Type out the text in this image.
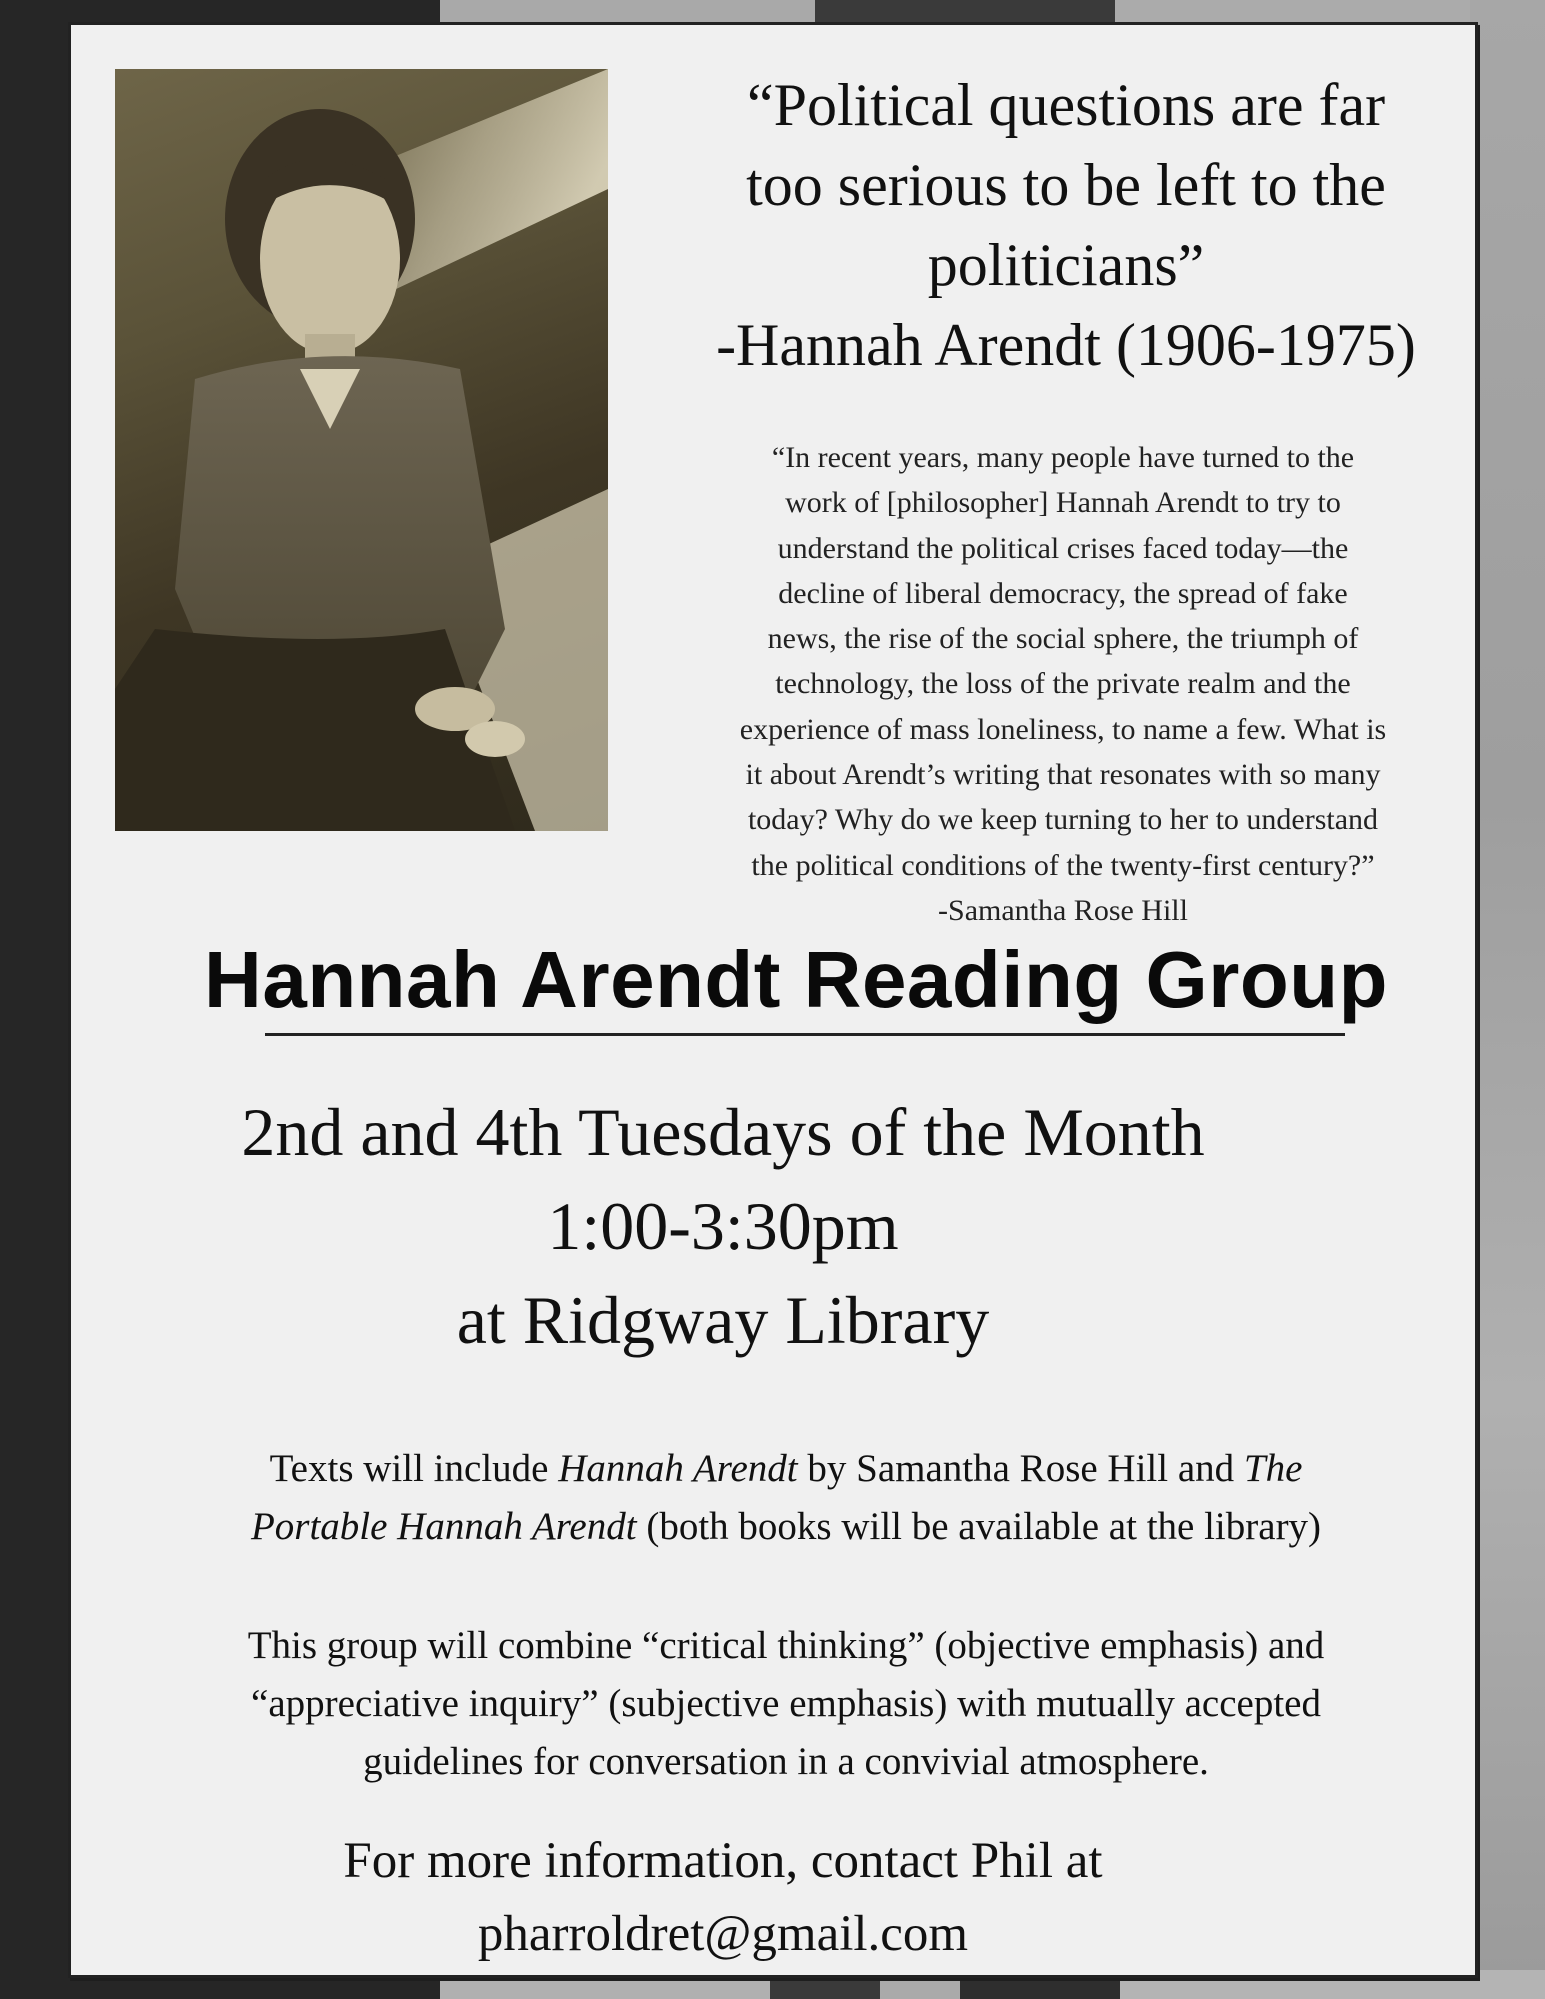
“Political questions are far
too serious to be left to the
politicians”
-Hannah Arendt (1906-1975)
“In recent years, many people have turned to the
work of [philosopher] Hannah Arendt to try to
understand the political crises faced today—the
decline of liberal democracy, the spread of fake
news, the rise of the social sphere, the triumph of
technology, the loss of the private realm and the
experience of mass loneliness, to name a few. What is
it about Arendt’s writing that resonates with so many
today? Why do we keep turning to her to understand
the political conditions of the twenty-first century?”
-Samantha Rose Hill
Hannah Arendt Reading Group
2nd and 4th Tuesdays of the Month
1:00-3:30pm
at Ridgway Library
Texts will include Hannah Arendt by Samantha Rose Hill and The
Portable Hannah Arendt (both books will be available at the library)
This group will combine “critical thinking” (objective emphasis) and
“appreciative inquiry” (subjective emphasis) with mutually accepted
guidelines for conversation in a convivial atmosphere.
For more information, contact Phil at
pharroldret@gmail.com
